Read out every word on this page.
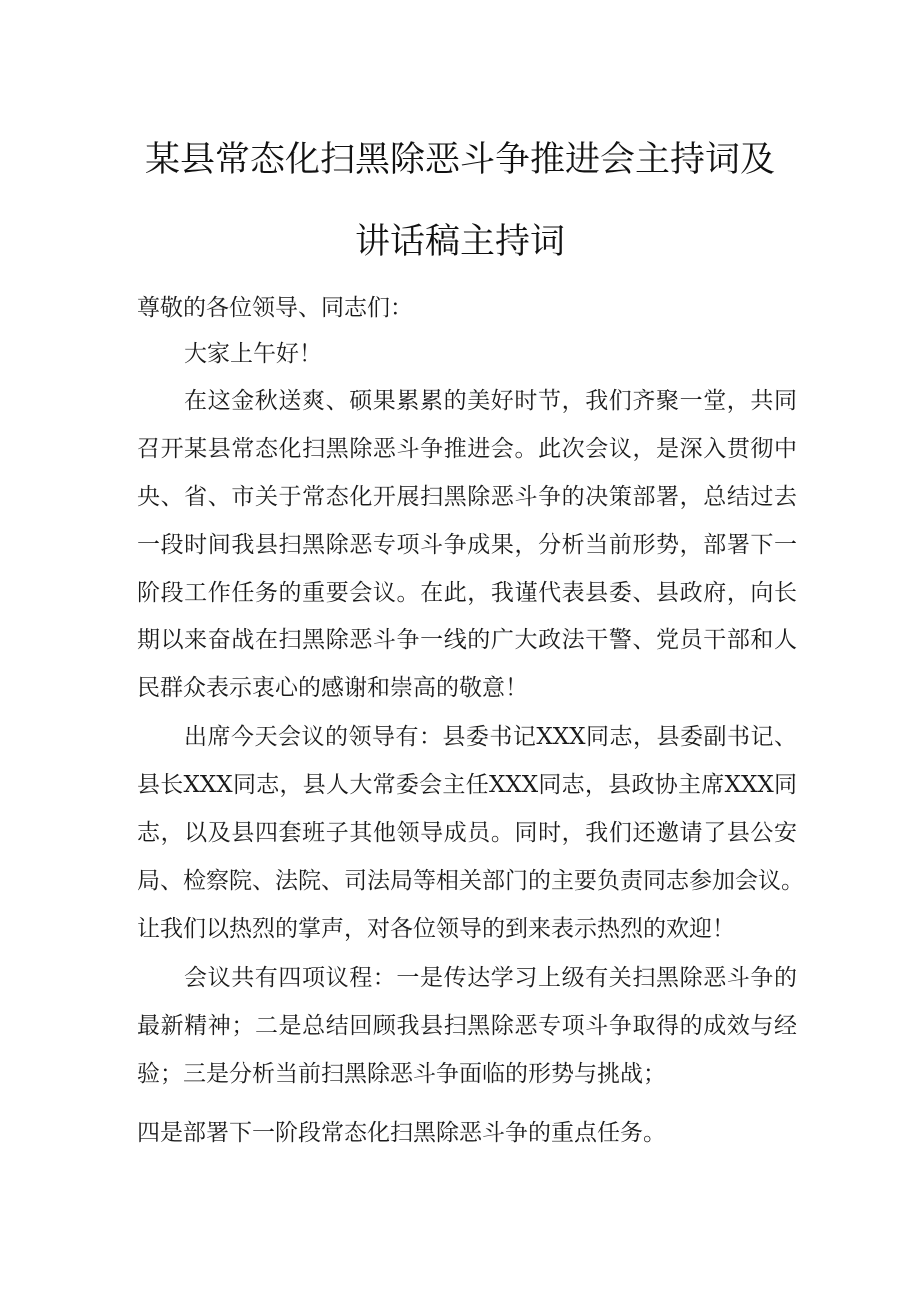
某县常态化扫黑除恶斗争推进会主持词及
讲话稿主持词
尊敬的各位领导、同志们：
大家上午好！
在这金秋送爽、硕果累累的美好时节，我们齐聚一堂，共同
召开某县常态化扫黑除恶斗争推进会。此次会议，是深入贯彻中
央、省、市关于常态化开展扫黑除恶斗争的决策部署，总结过去
一段时间我县扫黑除恶专项斗争成果，分析当前形势，部署下一
阶段工作任务的重要会议。在此，我谨代表县委、县政府，向长
期以来奋战在扫黑除恶斗争一线的广大政法干警、党员干部和人
民群众表示衷心的感谢和崇高的敬意！
出席今天会议的领导有：县委书记XXX同志，县委副书记、
县长XXX同志，县人大常委会主任XXX同志，县政协主席XXX同
志，以及县四套班子其他领导成员。同时，我们还邀请了县公安
局、检察院、法院、司法局等相关部门的主要负责同志参加会议。
让我们以热烈的掌声，对各位领导的到来表示热烈的欢迎！
会议共有四项议程：一是传达学习上级有关扫黑除恶斗争的
最新精神；二是总结回顾我县扫黑除恶专项斗争取得的成效与经
验；三是分析当前扫黑除恶斗争面临的形势与挑战；
四是部署下一阶段常态化扫黑除恶斗争的重点任务。
